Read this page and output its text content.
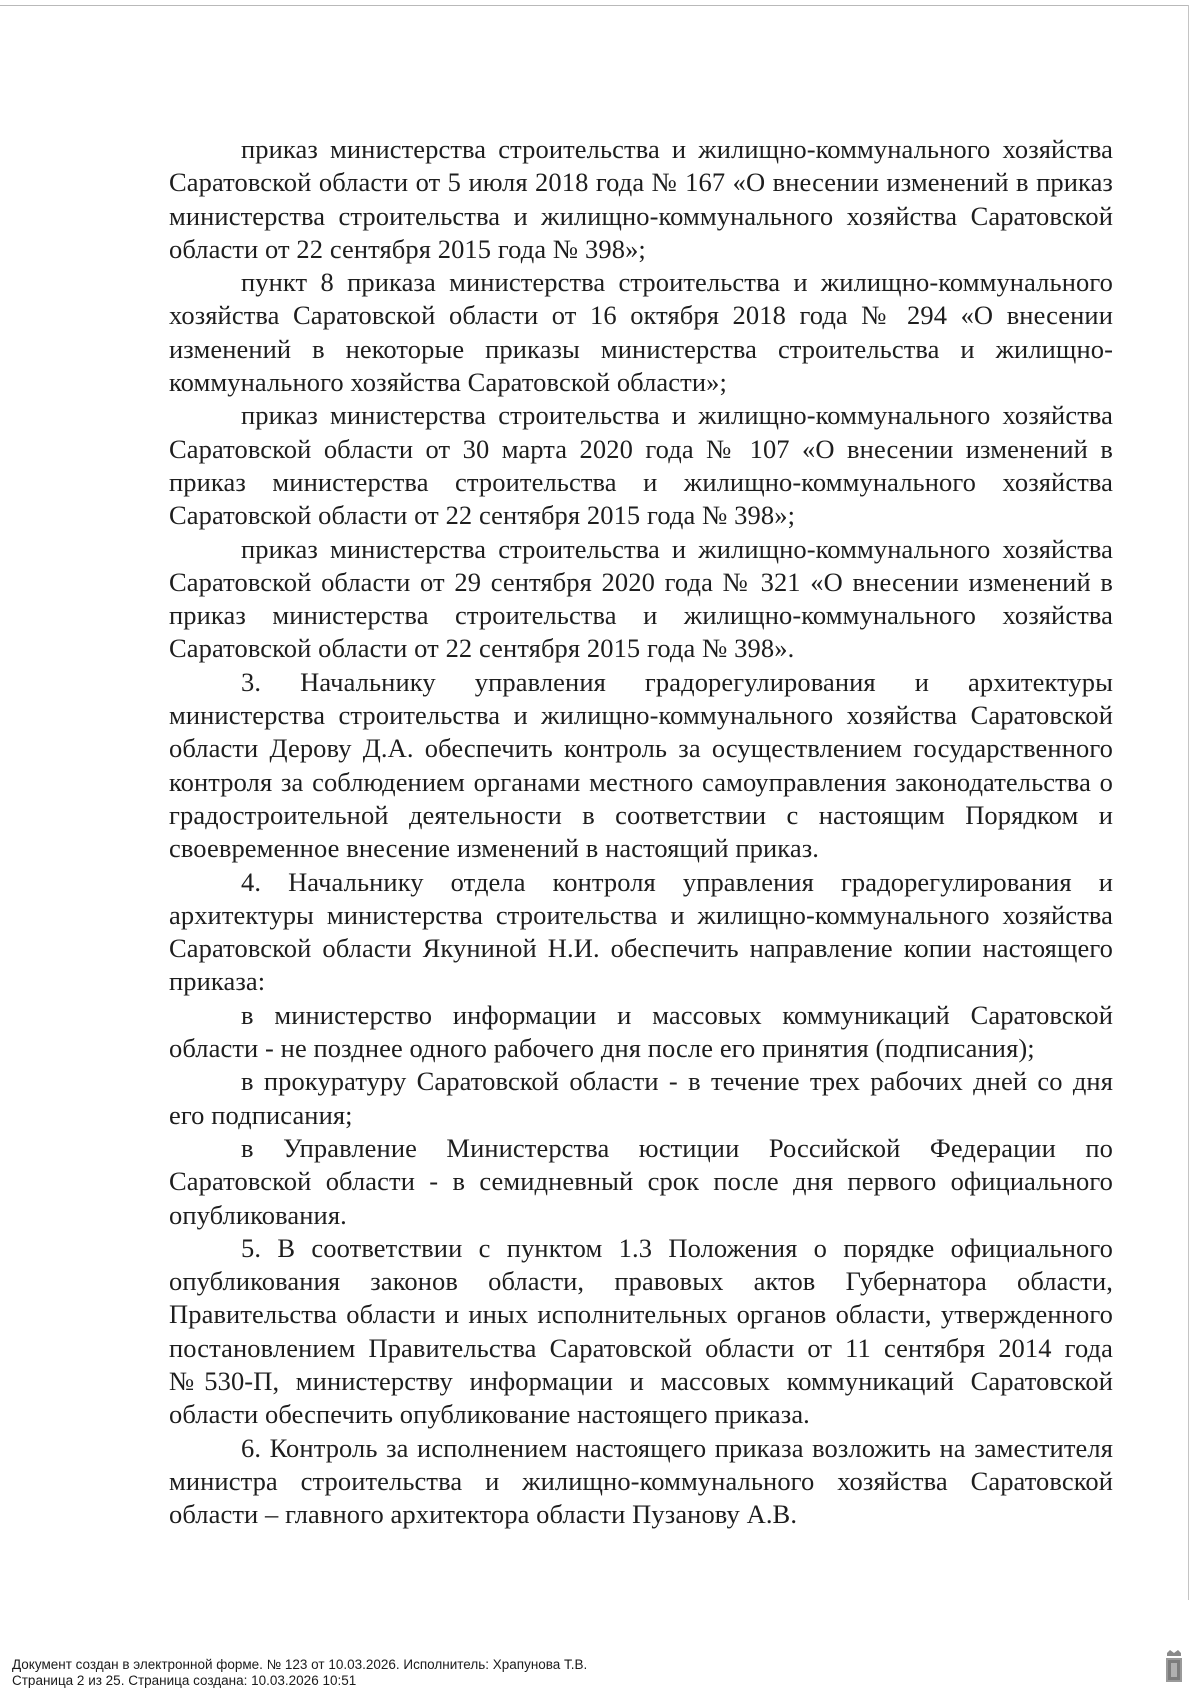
приказ министерства строительства и жилищно-коммунального хозяйства Саратовской области от 5 июля 2018 года № 167 «О внесении изменений в приказ министерства строительства и жилищно-коммунального хозяйства Саратовской области от 22 сентября 2015 года № 398»;

пункт 8 приказа министерства строительства и жилищно-коммунального хозяйства Саратовской области от 16 октября 2018 года № 294 «О внесении изменений в некоторые приказы министерства строительства и жилищно-коммунального хозяйства Саратовской области»;

приказ министерства строительства и жилищно-коммунального хозяйства Саратовской области от 30 марта 2020 года № 107 «О внесении изменений в приказ министерства строительства и жилищно-коммунального хозяйства Саратовской области от 22 сентября 2015 года № 398»;

приказ министерства строительства и жилищно-коммунального хозяйства Саратовской области от 29 сентября 2020 года № 321 «О внесении изменений в приказ министерства строительства и жилищно-коммунального хозяйства Саратовской области от 22 сентября 2015 года № 398».

3. Начальнику управления градорегулирования и архитектуры министерства строительства и жилищно-коммунального хозяйства Саратовской области Дерову Д.А. обеспечить контроль за осуществлением государственного контроля за соблюдением органами местного самоуправления законодательства о градостроительной деятельности в соответствии с настоящим Порядком и своевременное внесение изменений в настоящий приказ.

4. Начальнику отдела контроля управления градорегулирования и архитектуры министерства строительства и жилищно-коммунального хозяйства Саратовской области Якуниной Н.И. обеспечить направление копии настоящего приказа:

в министерство информации и массовых коммуникаций Саратовской области - не позднее одного рабочего дня после его принятия (подписания);

в прокуратуру Саратовской области - в течение трех рабочих дней со дня его подписания;

в Управление Министерства юстиции Российской Федерации по Саратовской области - в семидневный срок после дня первого официального опубликования.

5. В соответствии с пунктом 1.3 Положения о порядке официального опубликования законов области, правовых актов Губернатора области, Правительства области и иных исполнительных органов области, утвержденного постановлением Правительства Саратовской области от 11 сентября 2014 года №530-П, министерству информации и массовых коммуникаций Саратовской области обеспечить опубликование настоящего приказа.

6. Контроль за исполнением настоящего приказа возложить на заместителя министра строительства и жилищно-коммунального хозяйства Саратовской области – главного архитектора области Пузанову А.В.

Документ создан в электронной форме. № 123 от 10.03.2026. Исполнитель: Храпунова Т.В.
Страница 2 из 25. Страница создана: 10.03.2026 10:51
